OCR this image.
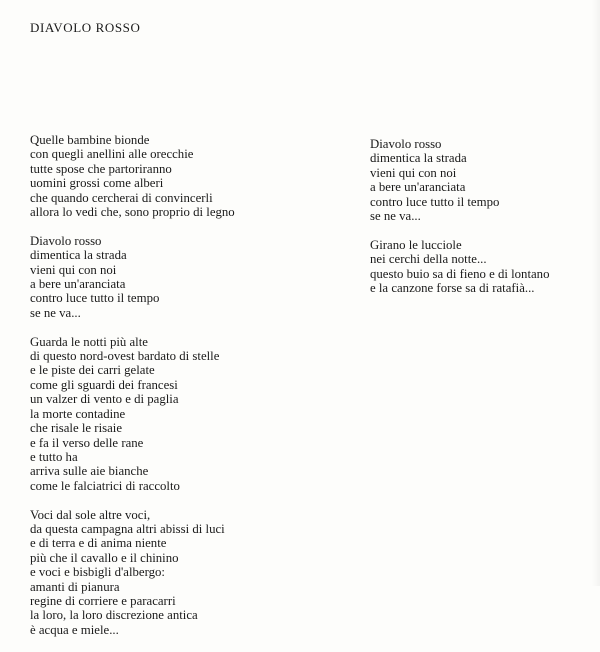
DIAVOLO ROSSO
Quelle bambine bionde
con quegli anellini alle orecchie
tutte spose che partoriranno
uomini grossi come alberi
che quando cercherai di convincerli
allora lo vedi che, sono proprio di legno
Diavolo rosso
dimentica la strada
vieni qui con noi
a bere un'aranciata
contro luce tutto il tempo
se ne va...
Guarda le notti più alte
di questo nord-ovest bardato di stelle
e le piste dei carri gelate
come gli sguardi dei francesi
un valzer di vento e di paglia
la morte contadine
che risale le risaie
e fa il verso delle rane
e tutto ha
arriva sulle aie bianche
come le falciatrici di raccolto
Voci dal sole altre voci,
da questa campagna altri abissi di luci
e di terra e di anima niente
più che il cavallo e il chinino
e voci e bisbigli d'albergo:
amanti di pianura
regine di corriere e paracarri
la loro, la loro discrezione antica
è acqua e miele...
Diavolo rosso
dimentica la strada
vieni qui con noi
a bere un'aranciata
contro luce tutto il tempo
se ne va...
Girano le lucciole
nei cerchi della notte...
questo buio sa di fieno e di lontano
e la canzone forse sa di ratafià...
